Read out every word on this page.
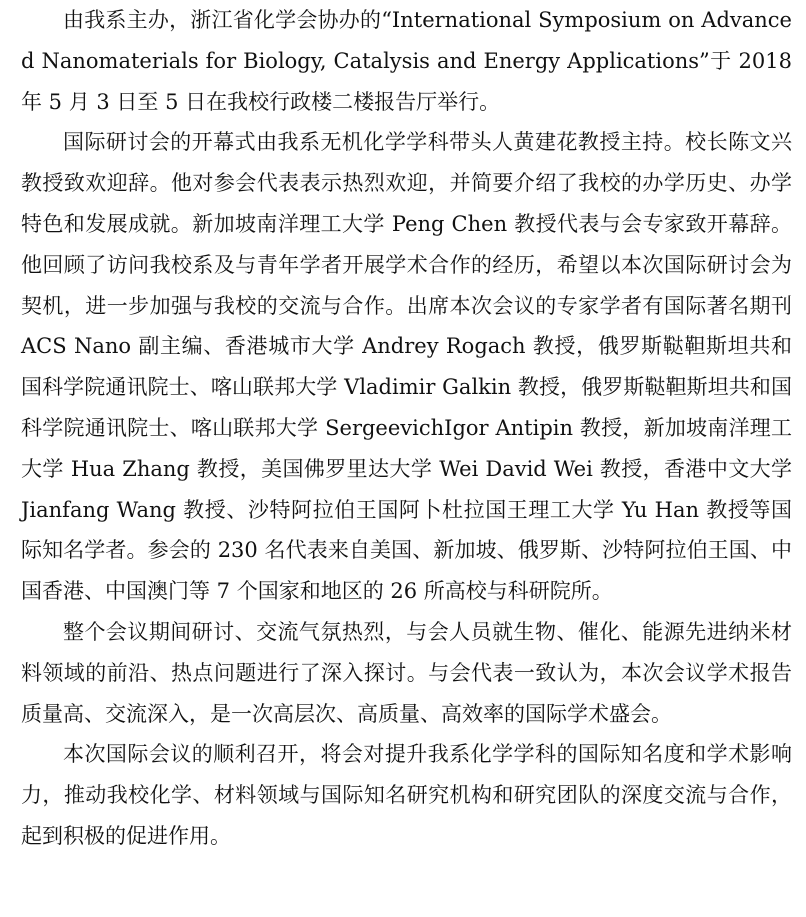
由我系主办，浙江省化学会协办的“International Symposium on Advanced Nanomaterials for Biology, Catalysis and Energy Applications”于 2018 年 5 月 3 日至 5 日在我校行政楼二楼报告厅举行。

国际研讨会的开幕式由我系无机化学学科带头人黄建花教授主持。校长陈文兴教授致欢迎辞。他对参会代表表示热烈欢迎，并简要介绍了我校的办学历史、办学特色和发展成就。新加坡南洋理工大学 Peng Chen 教授代表与会专家致开幕辞。他回顾了访问我校系及与青年学者开展学术合作的经历，希望以本次国际研讨会为契机，进一步加强与我校的交流与合作。出席本次会议的专家学者有国际著名期刊 ACS Nano 副主编、香港城市大学 Andrey Rogach 教授，俄罗斯鞑靼斯坦共和国科学院通讯院士、喀山联邦大学 Vladimir Galkin 教授，俄罗斯鞑靼斯坦共和国科学院通讯院士、喀山联邦大学 SergeevichIgor Antipin 教授，新加坡南洋理工大学 Hua Zhang 教授，美国佛罗里达大学 Wei David Wei 教授，香港中文大学 Jianfang Wang 教授、沙特阿拉伯王国阿卜杜拉国王理工大学 Yu Han 教授等国际知名学者。参会的 230 名代表来自美国、新加坡、俄罗斯、沙特阿拉伯王国、中国香港、中国澳门等 7 个国家和地区的 26 所高校与科研院所。

整个会议期间研讨、交流气氛热烈，与会人员就生物、催化、能源先进纳米材料领域的前沿、热点问题进行了深入探讨。与会代表一致认为，本次会议学术报告质量高、交流深入，是一次高层次、高质量、高效率的国际学术盛会。

本次国际会议的顺利召开，将会对提升我系化学学科的国际知名度和学术影响力，推动我校化学、材料领域与国际知名研究机构和研究团队的深度交流与合作，起到积极的促进作用。
